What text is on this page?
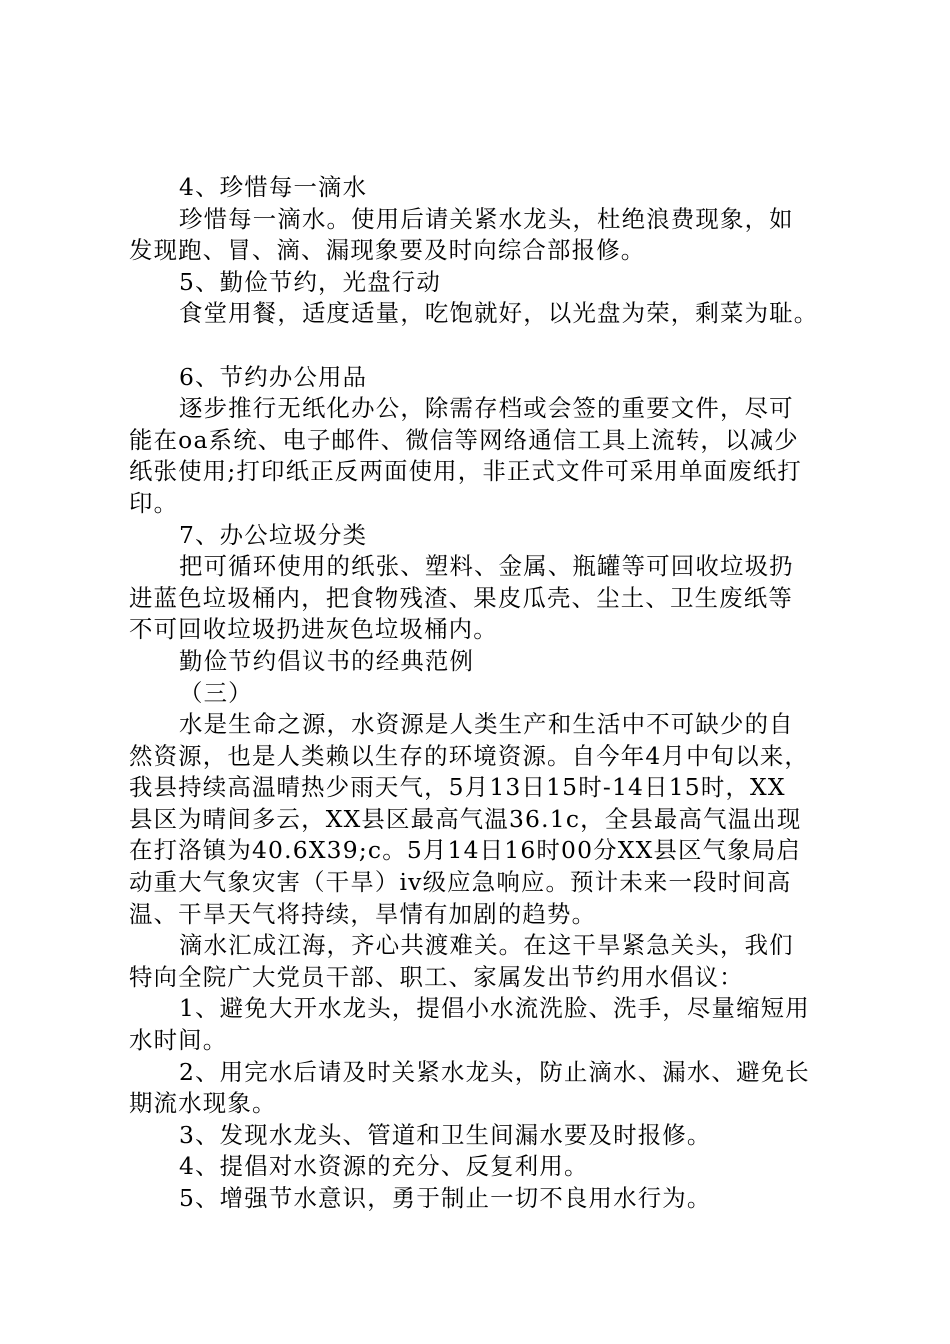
4、珍惜每一滴水
珍惜每一滴水。使用后请关紧水龙头，杜绝浪费现象，如
发现跑、冒、滴、漏现象要及时向综合部报修。
5、勤俭节约，光盘行动
食堂用餐，适度适量，吃饱就好，以光盘为荣，剩菜为耻。
6、节约办公用品
逐步推行无纸化办公，除需存档或会签的重要文件，尽可
能在oa系统、电子邮件、微信等网络通信工具上流转，以减少
纸张使用;打印纸正反两面使用，非正式文件可采用单面废纸打
印。
7、办公垃圾分类
把可循环使用的纸张、塑料、金属、瓶罐等可回收垃圾扔
进蓝色垃圾桶内，把食物残渣、果皮瓜壳、尘土、卫生废纸等
不可回收垃圾扔进灰色垃圾桶内。
勤俭节约倡议书的经典范例
（三）
水是生命之源，水资源是人类生产和生活中不可缺少的自
然资源，也是人类赖以生存的环境资源。自今年4月中旬以来，
我县持续高温晴热少雨天气，5月13日15时-14日15时，XX
县区为晴间多云，XX县区最高气温36.1c，全县最高气温出现
在打洛镇为40.6X39;c。5月14日16时00分XX县区气象局启
动重大气象灾害（干旱）iv级应急响应。预计未来一段时间高
温、干旱天气将持续，旱情有加剧的趋势。
滴水汇成江海，齐心共渡难关。在这干旱紧急关头，我们
特向全院广大党员干部、职工、家属发出节约用水倡议：
1、避免大开水龙头，提倡小水流洗脸、洗手，尽量缩短用
水时间。
2、用完水后请及时关紧水龙头，防止滴水、漏水、避免长
期流水现象。
3、发现水龙头、管道和卫生间漏水要及时报修。
4、提倡对水资源的充分、反复利用。
5、增强节水意识，勇于制止一切不良用水行为。
